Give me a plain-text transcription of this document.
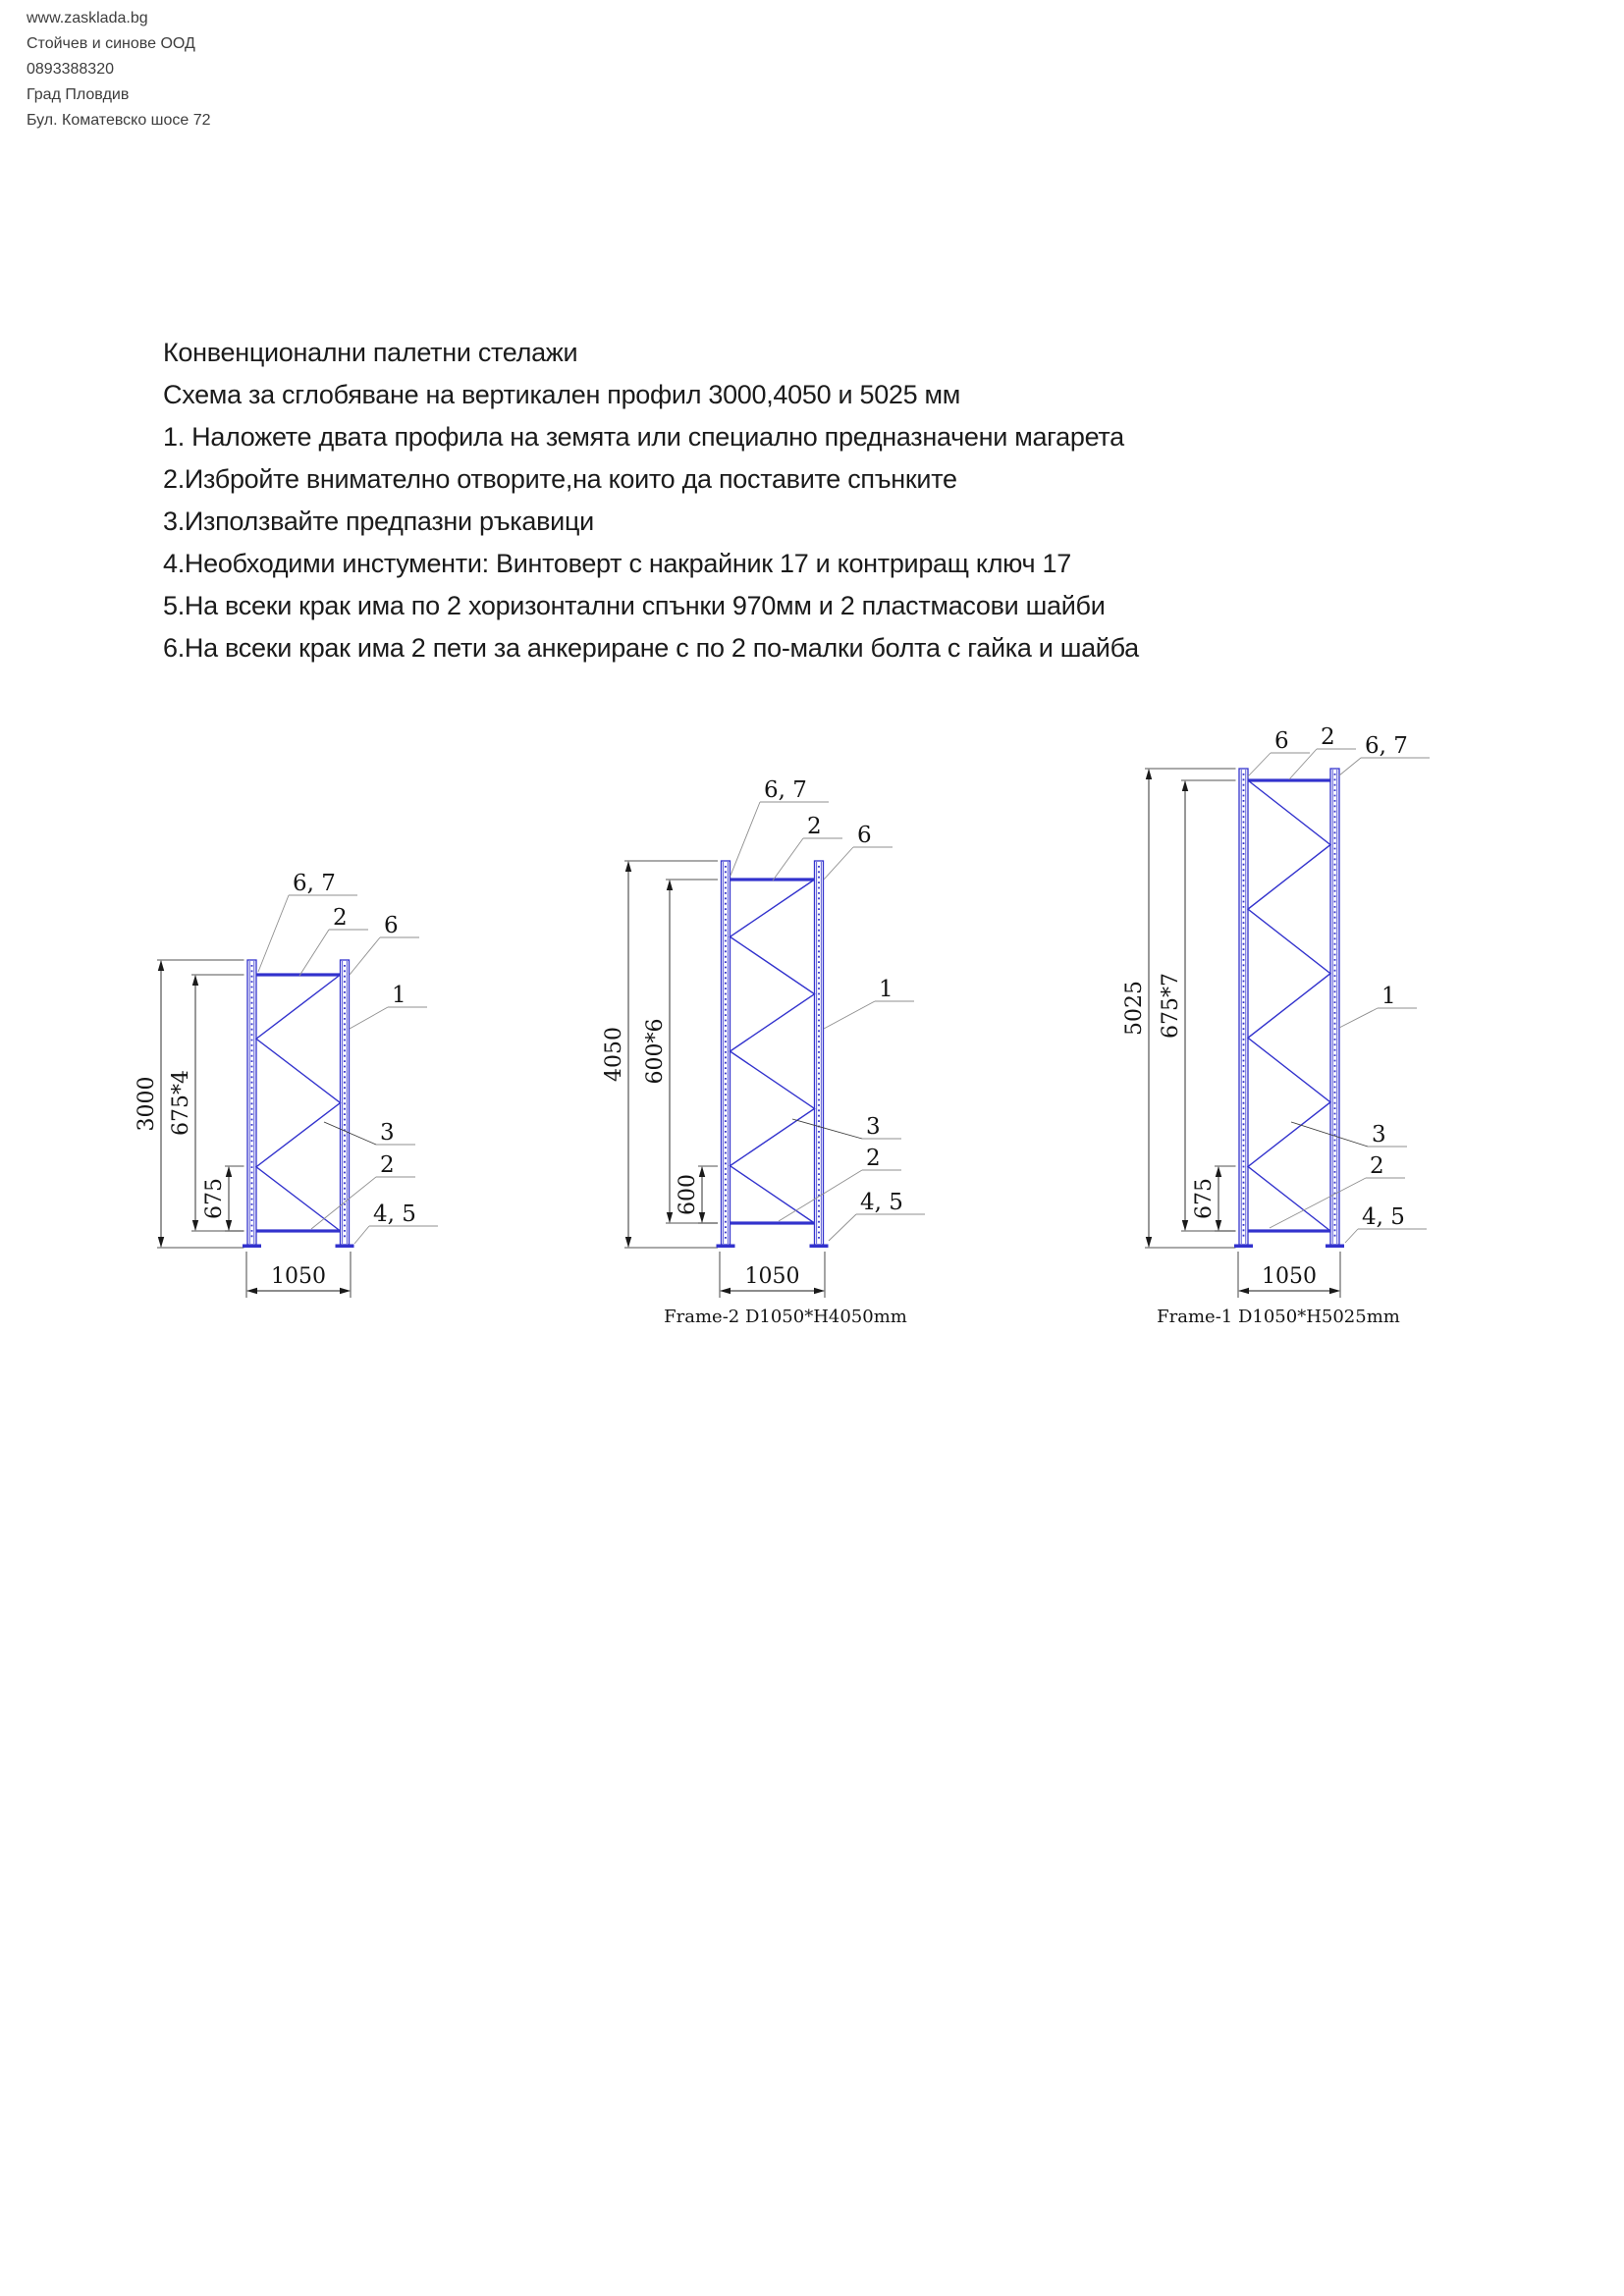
www.zasklada.bg
Стойчев и синове ООД
0893388320
Град Пловдив
Бул. Коматевско шосе 72
Конвенционални палетни стелажи
Схема за сглобяване на вертикален профил 3000,4050 и 5025 мм
1. Наложете двата профила на земята или специално предназначени магарета
2.Избройте внимателно отворите,на които да поставите спънките
3.Използвайте предпазни ръкавици
4.Необходими инстументи: Винтоверт с накрайник 17 и контриращ ключ 17
5.На всеки крак има по 2 хоризонтални спънки 970мм и 2 пластмасови шайби
6.На всеки крак има 2 пети за анкериране с по 2 по-малки болта с гайка и шайба
3000 675*4
675
1050
6, 7
2 6
1
3
2
4, 5
4050 600*6
600
1050
6, 7
2 6
1
3
2
4, 5
Frame-2 D1050*H4050mm
5025 675*7
675
1050
6 2 6, 7
1
3
2
4, 5
Frame-1 D1050*H5025mm
